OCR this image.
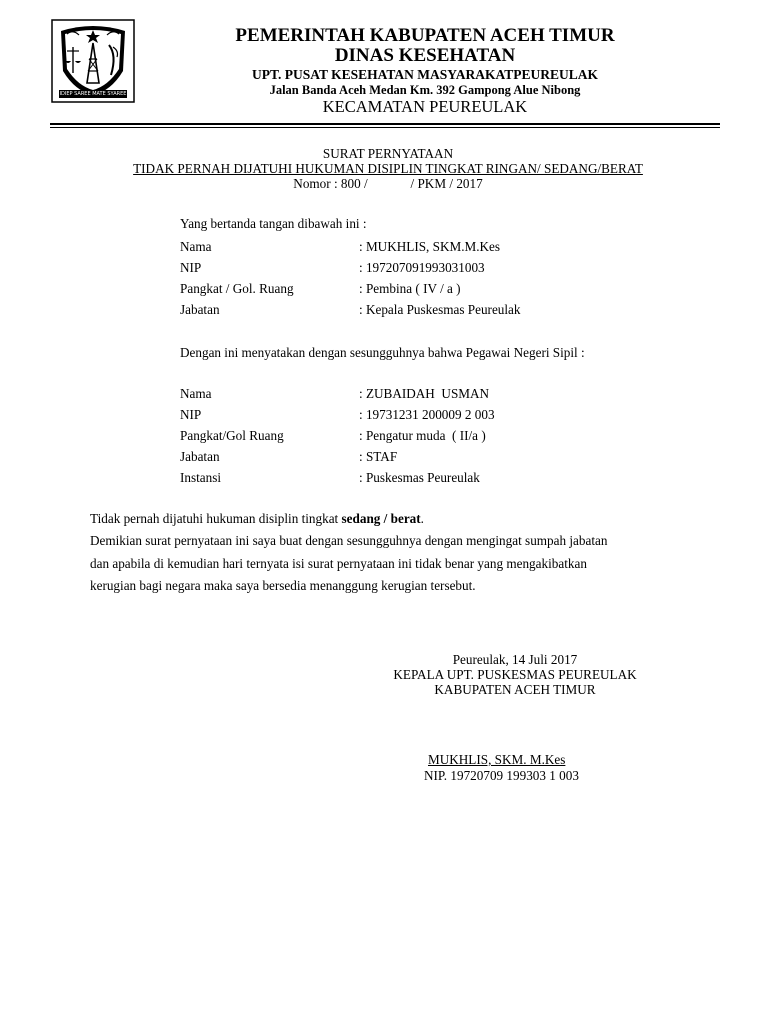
IDIEP SAREE MATE SYAREE
PEMERINTAH KABUPATEN ACEH TIMUR
DINAS KESEHATAN
UPT. PUSAT KESEHATAN MASYARAKATPEUREULAK
Jalan Banda Aceh Medan Km. 392 Gampong Alue Nibong
KECAMATAN PEUREULAK
SURAT PERNYATAAN
TIDAK PERNAH DIJATUHI HUKUMAN DISIPLIN TINGKAT RINGAN/ SEDANG/BERAT
Nomor : 800 /             / PKM / 2017
Yang bertanda tangan dibawah ini :
Nama	: MUKHLIS, SKM.M.Kes
NIP	: 197207091993031003
Pangkat / Gol. Ruang	: Pembina ( IV / a )
Jabatan	: Kepala Puskesmas Peureulak
Dengan ini menyatakan dengan sesungguhnya bahwa Pegawai Negeri Sipil :
Nama	: ZUBAIDAH  USMAN
NIP	: 19731231 200009 2 003
Pangkat/Gol Ruang	: Pengatur muda  ( II/a )
Jabatan	: STAF
Instansi	: Puskesmas Peureulak
Tidak pernah dijatuhi hukuman disiplin tingkat sedang / berat.
Demikian surat pernyataan ini saya buat dengan sesungguhnya dengan mengingat sumpah jabatan
dan apabila di kemudian hari ternyata isi surat pernyataan ini tidak benar yang mengakibatkan
kerugian bagi negara maka saya bersedia menanggung kerugian tersebut.
Peureulak, 14 Juli 2017
KEPALA UPT. PUSKESMAS PEUREULAK
KABUPATEN ACEH TIMUR
MUKHLIS, SKM. M.Kes
NIP. 19720709 199303 1 003
